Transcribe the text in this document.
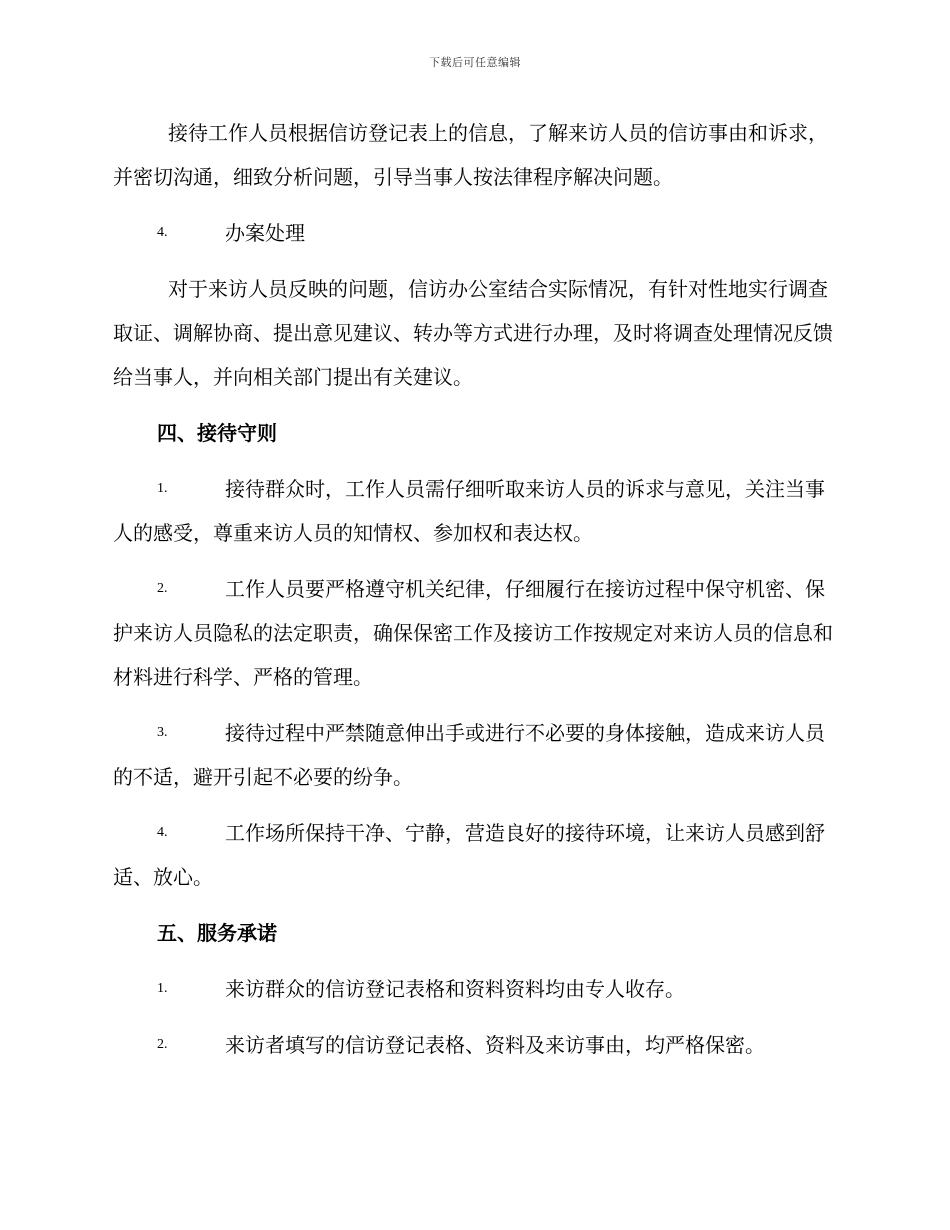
下载后可任意编辑

接待工作人员根据信访登记表上的信息，了解来访人员的信访事由和诉求，并密切沟通，细致分析问题，引导当事人按法律程序解决问题。

4.	办案处理

对于来访人员反映的问题，信访办公室结合实际情况，有针对性地实行调查取证、调解协商、提出意见建议、转办等方式进行办理，及时将调查处理情况反馈给当事人，并向相关部门提出有关建议。

四、接待守则

1.	接待群众时，工作人员需仔细听取来访人员的诉求与意见，关注当事人的感受，尊重来访人员的知情权、参加权和表达权。

2.	工作人员要严格遵守机关纪律，仔细履行在接访过程中保守机密、保护来访人员隐私的法定职责，确保保密工作及接访工作按规定对来访人员的信息和材料进行科学、严格的管理。

3.	接待过程中严禁随意伸出手或进行不必要的身体接触，造成来访人员的不适，避开引起不必要的纷争。

4.	工作场所保持干净、宁静，营造良好的接待环境，让来访人员感到舒适、放心。

五、服务承诺

1.	来访群众的信访登记表格和资料资料均由专人收存。

2.	来访者填写的信访登记表格、资料及来访事由，均严格保密。
